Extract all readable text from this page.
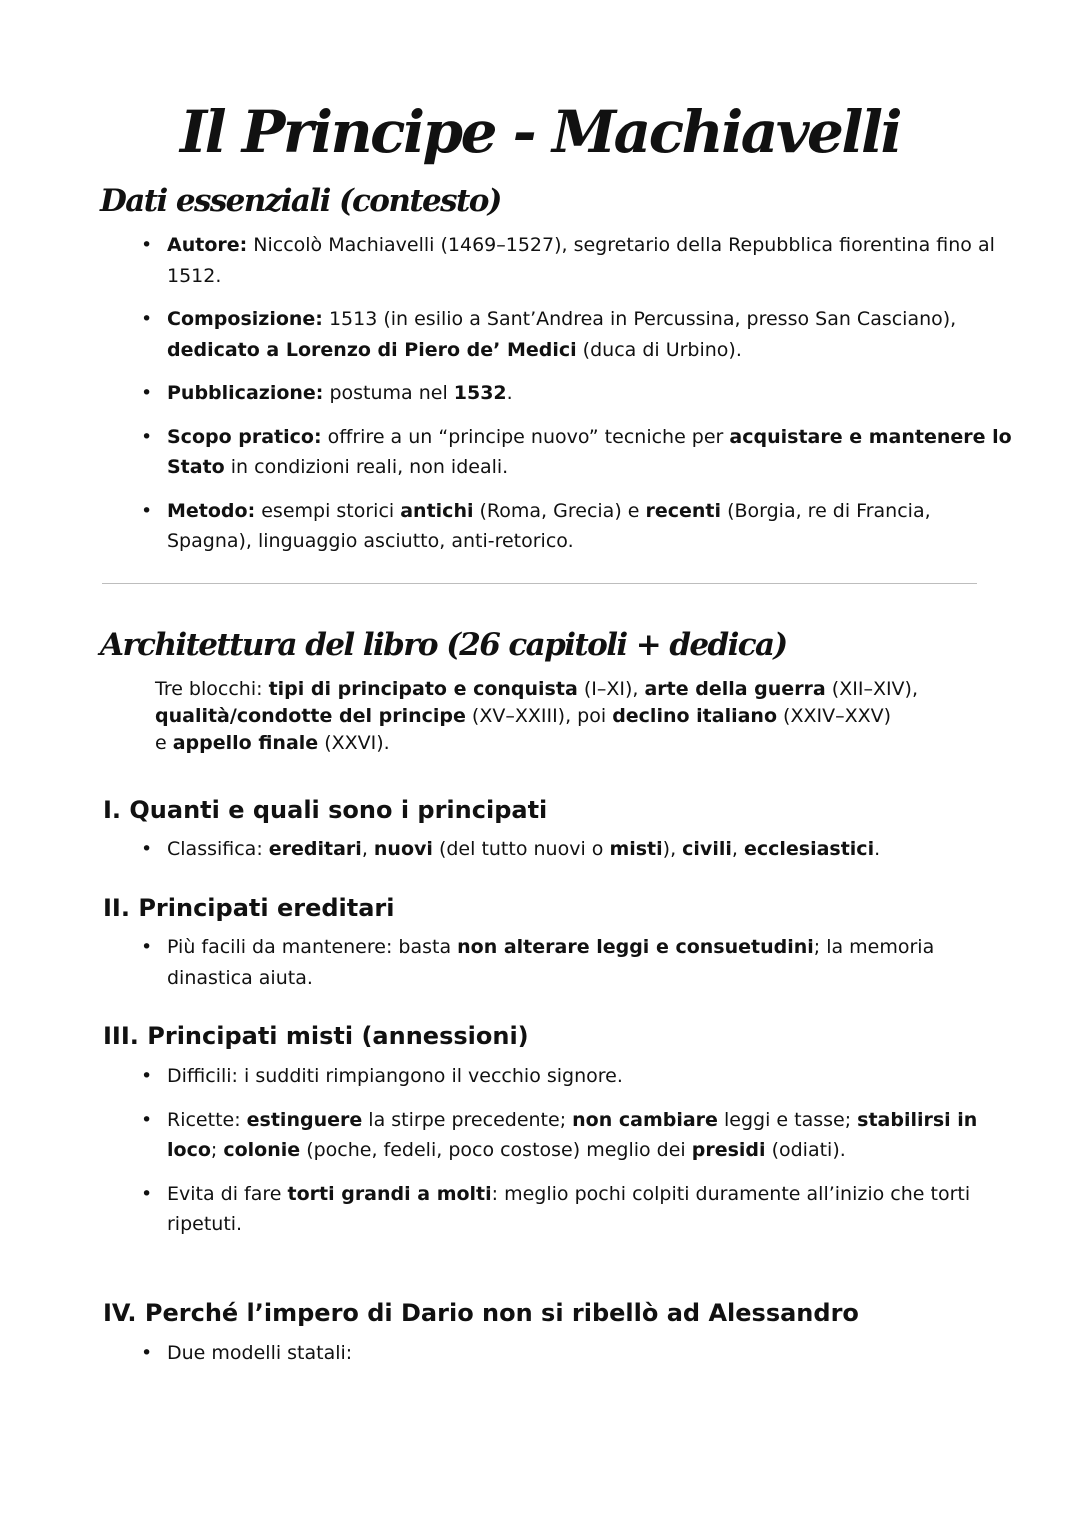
Il Principe - Machiavelli
Dati essenziali (contesto)
• Autore: Niccolò Machiavelli (1469–1527), segretario della Repubblica fiorentina fino al 1512.
• Composizione: 1513 (in esilio a Sant’Andrea in Percussina, presso San Casciano), dedicato a Lorenzo di Piero de’ Medici (duca di Urbino).
• Pubblicazione: postuma nel 1532.
• Scopo pratico: offrire a un “principe nuovo” tecniche per acquistare e mantenere lo Stato in condizioni reali, non ideali.
• Metodo: esempi storici antichi (Roma, Grecia) e recenti (Borgia, re di Francia, Spagna), linguaggio asciutto, anti-retorico.
Architettura del libro (26 capitoli + dedica)

Tre blocchi: tipi di principato e conquista (I–XI), arte della guerra (XII–XIV),
qualità/condotte del principe (XV–XXIII), poi declino italiano (XXIV–XXV)
e appello finale (XXVI).

I. Quanti e quali sono i principati
• Classifica: ereditari, nuovi (del tutto nuovi o misti), civili, ecclesiastici.
II. Principati ereditari
• Più facili da mantenere: basta non alterare leggi e consuetudini; la memoria dinastica aiuta.
III. Principati misti (annessioni)
• Difficili: i sudditi rimpiangono il vecchio signore.
• Ricette: estinguere la stirpe precedente; non cambiare leggi e tasse; stabilirsi in loco; colonie (poche, fedeli, poco costose) meglio dei presidi (odiati).
• Evita di fare torti grandi a molti: meglio pochi colpiti duramente all’inizio che torti ripetuti.
IV. Perché l’impero di Dario non si ribellò ad Alessandro
• Due modelli statali:
